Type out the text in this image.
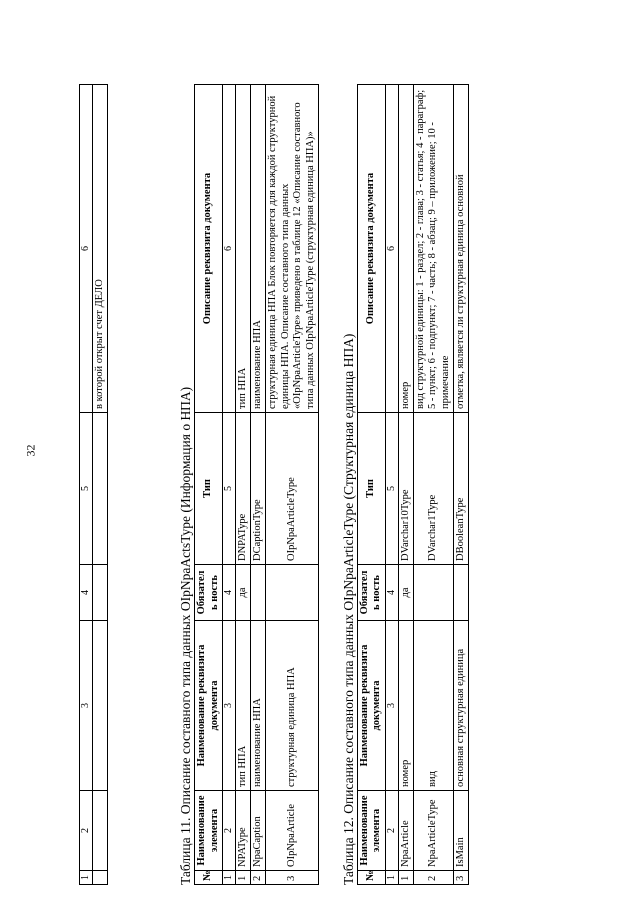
32
1	2	3	4	5	6
					в которой открыт счет ДЕЛО

Таблица 11. Описание составного типа данных OIpNpaActsType (Информация о НПА) №	Наименование элемента	Наименование реквизита документа	Обязатель ность	Тип	Описание реквизита документа
1	2	3	4	5	6
1	NPAType	тип НПА	да	DNPAType	тип НПА
2	NpaCaption	наименование НПА		DCaptionType	наименование НПА
3	OIpNpaArticle	структурная единица НПА		OIpNpaArticleType	структурная единица НПА Блок повторяется для каждой структурной единицы НПА. Описание составного типа данных «OIpNpaArticleType» приведено в таблице 12 «Описание составного типа данных OIpNpaArticleType (структурная единица НПА)»

Таблица 12. Описание составного типа данных OIpNpaArticleType (Структурная единица НПА) №	Наименование элемента	Наименование реквизита документа	Обязатель ность	Тип	Описание реквизита документа
1	2	3	4	5	6
1	NpaArticle	номер	да	DVarchar10Type	номер
2	NpaArticleType	вид		DVarchar1Type	вид структурной единицы: 1 - раздел; 2 - глава; 3 - статья; 4 - параграф; 5 - пункт; 6 - подпункт; 7 - часть; 8 - абзац; 9 – приложение; 10 - примечание
3	IsMain	основная структурная единица		DBooleanType	отметка, является ли структурная единица основной
